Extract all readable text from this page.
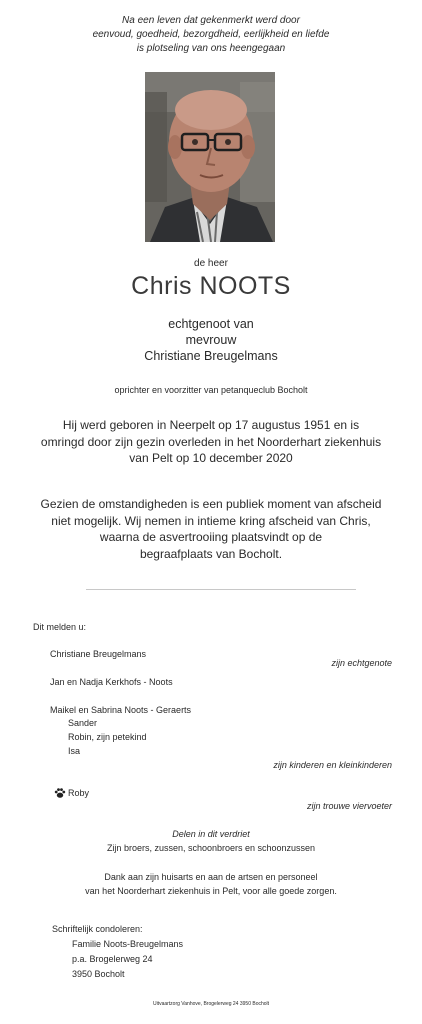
Na een leven dat gekenmerkt werd door
eenvoud, goedheid, bezorgdheid, eerlijkheid en liefde
is plotseling van ons heengegaan
de heer
Chris NOOTS
echtgenoot van
mevrouw
Christiane Breugelmans
oprichter en voorzitter van petanqueclub Bocholt
Hij werd geboren in Neerpelt op 17 augustus 1951 en is
omringd door zijn gezin overleden in het Noorderhart ziekenhuis
van Pelt op 10 december 2020
Gezien de omstandigheden is een publiek moment van afscheid
niet mogelijk. Wij nemen in intieme kring afscheid van Chris,
waarna de asvertrooiing plaatsvindt op de
begraafplaats van Bocholt.
Dit melden u:
Christiane Breugelmans
zijn echtgenote
Jan en Nadja Kerkhofs - Noots
Maikel en Sabrina Noots - Geraerts
Sander
Robin, zijn petekind
Isa
zijn kinderen en kleinkinderen
Roby
zijn trouwe viervoeter
Delen in dit verdriet
Zijn broers, zussen, schoonbroers en schoonzussen
Dank aan zijn huisarts en aan de artsen en personeel
van het Noorderhart ziekenhuis in Pelt, voor alle goede zorgen.
Schriftelijk condoleren:
Familie Noots-Breugelmans
p.a. Brogelerweg 24
3950 Bocholt
Uitvaartzorg Vanhove, Brogelerweg 24 3950 Bocholt
